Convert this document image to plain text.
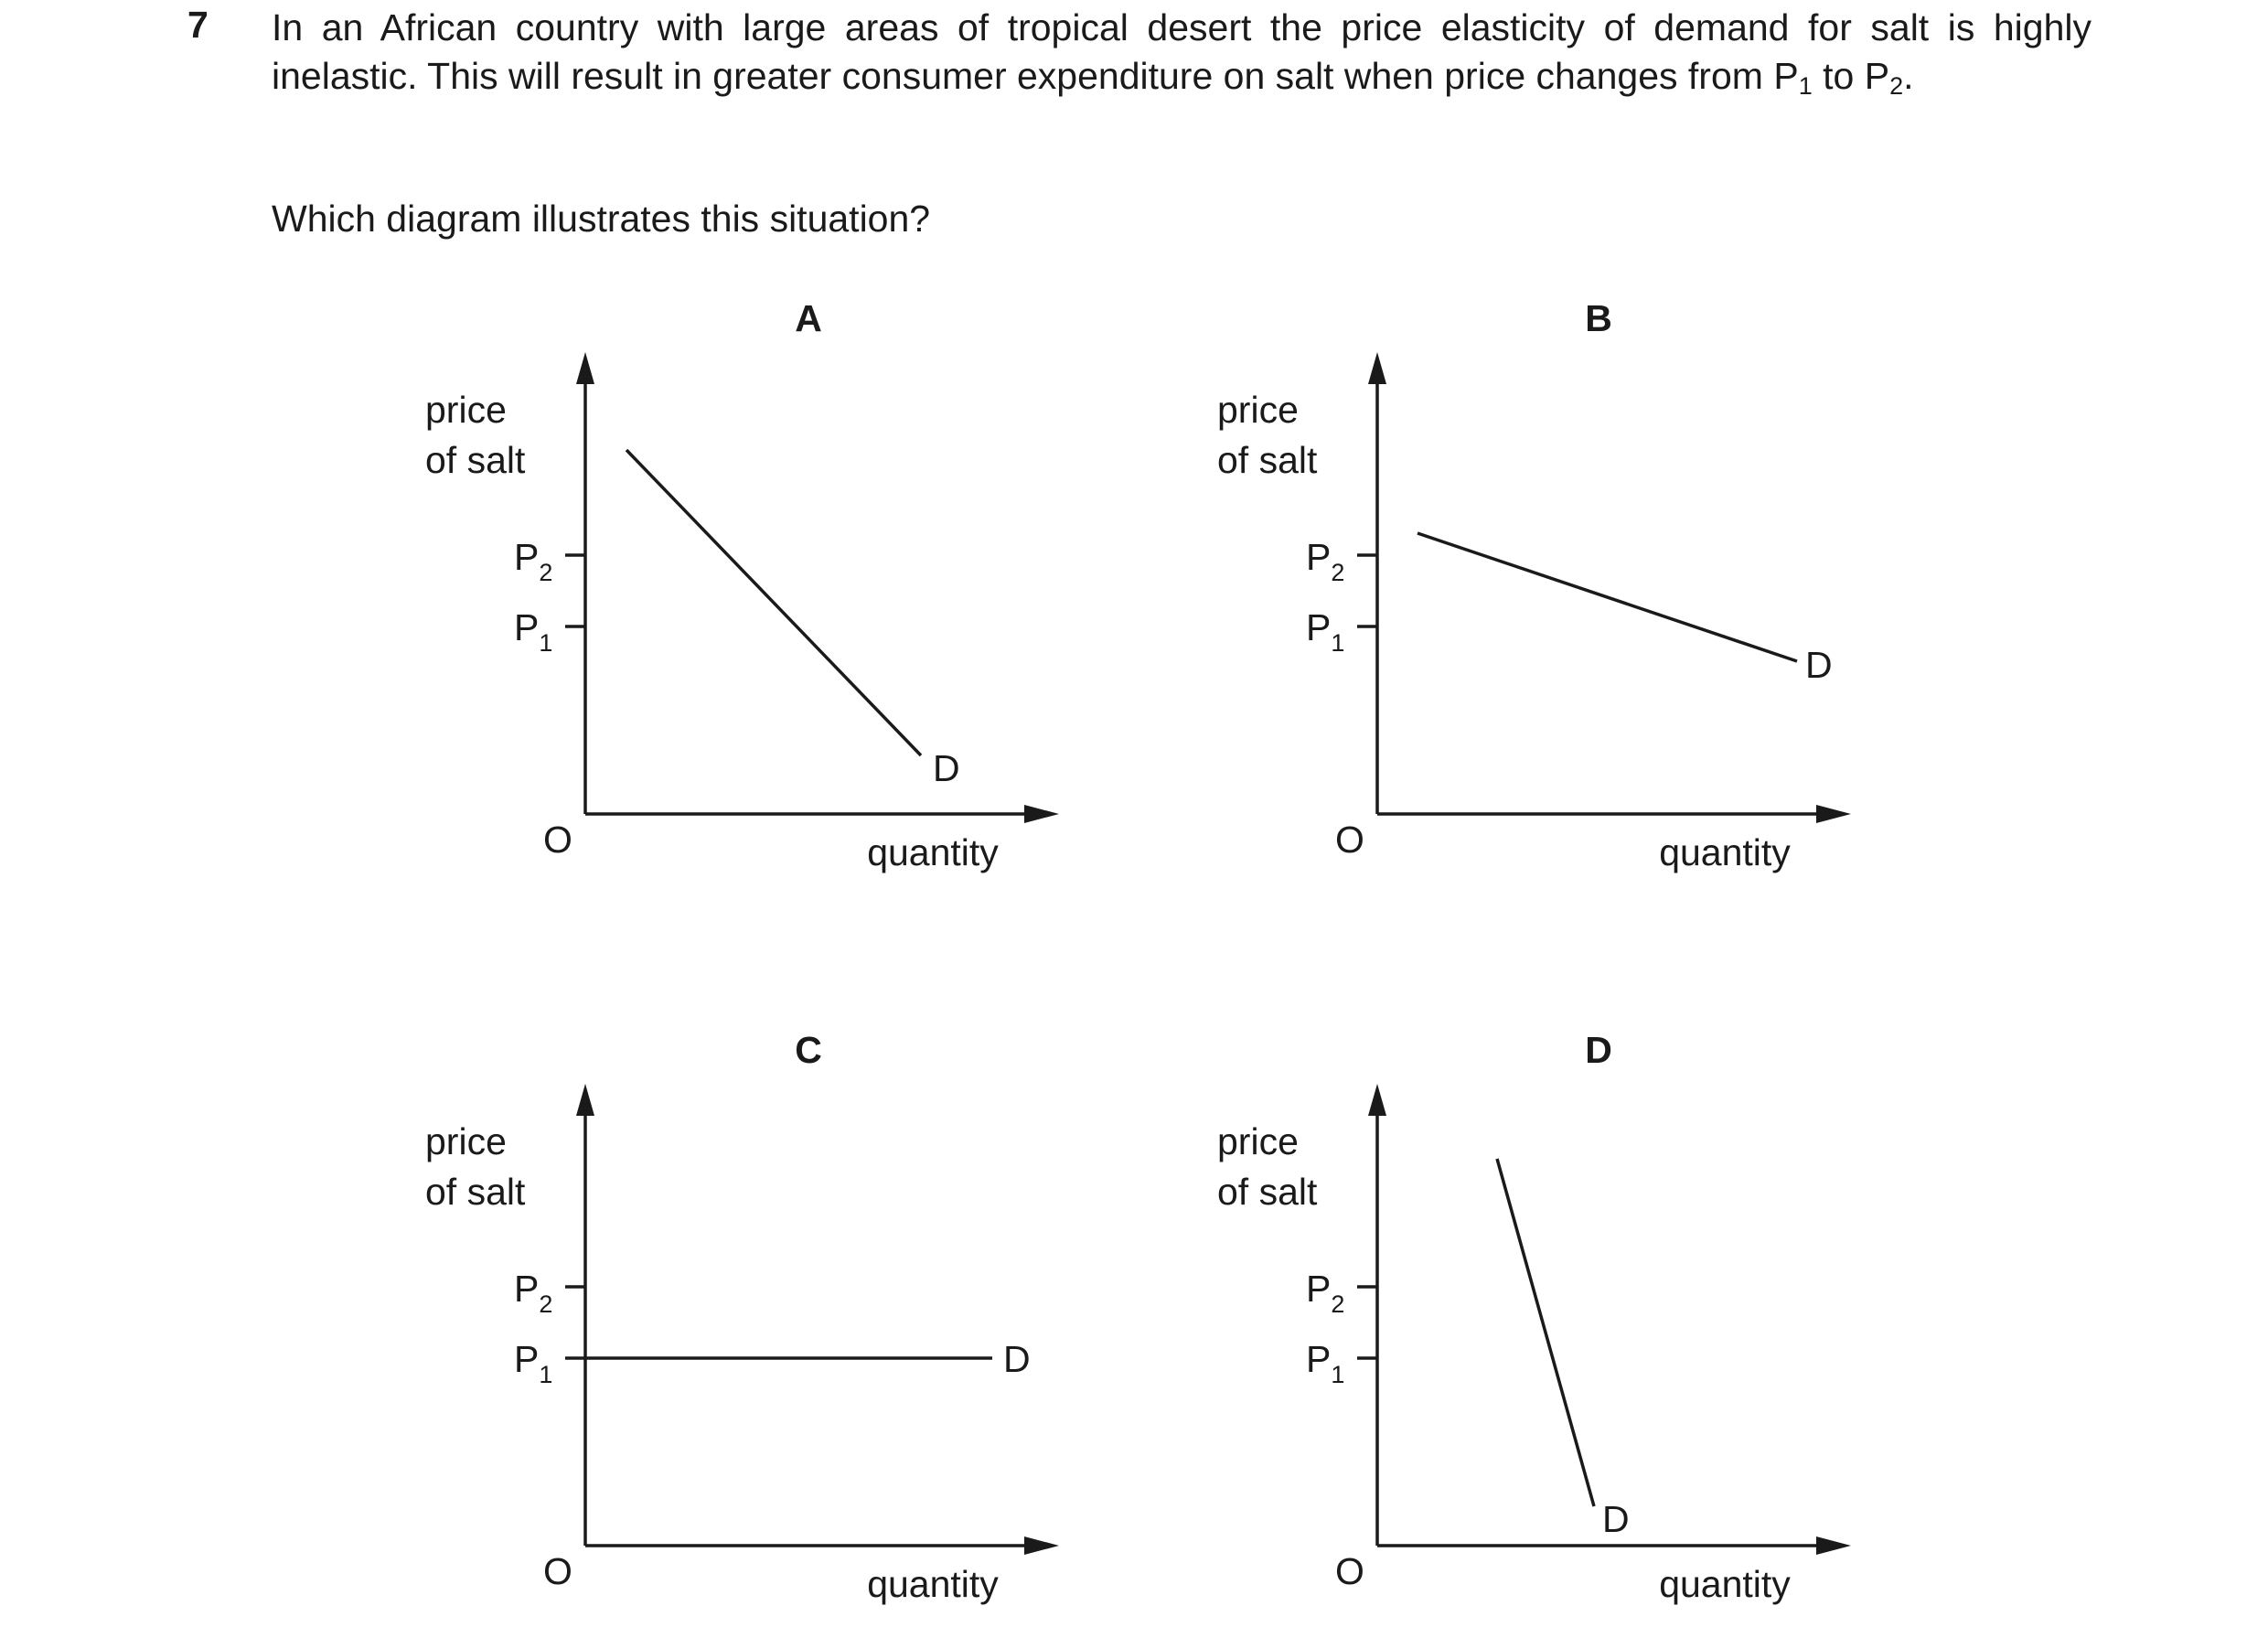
7 In an African country with large areas of tropical desert the price elasticity of demand for salt is highly inelastic. This will result in greater consumer expenditure on salt when price changes from $P_1$ to $P_2$.

Which diagram illustrates this situation?
A
price
of salt
$P_2$
$P_1$
O	quantity
D
B
price
of salt
$P_2$
$P_1$
O	quantity
D
C
price
of salt
$P_2$
$P_1$
O	quantity
D
D
price
of salt
$P_2$
$P_1$
O	quantity
D
